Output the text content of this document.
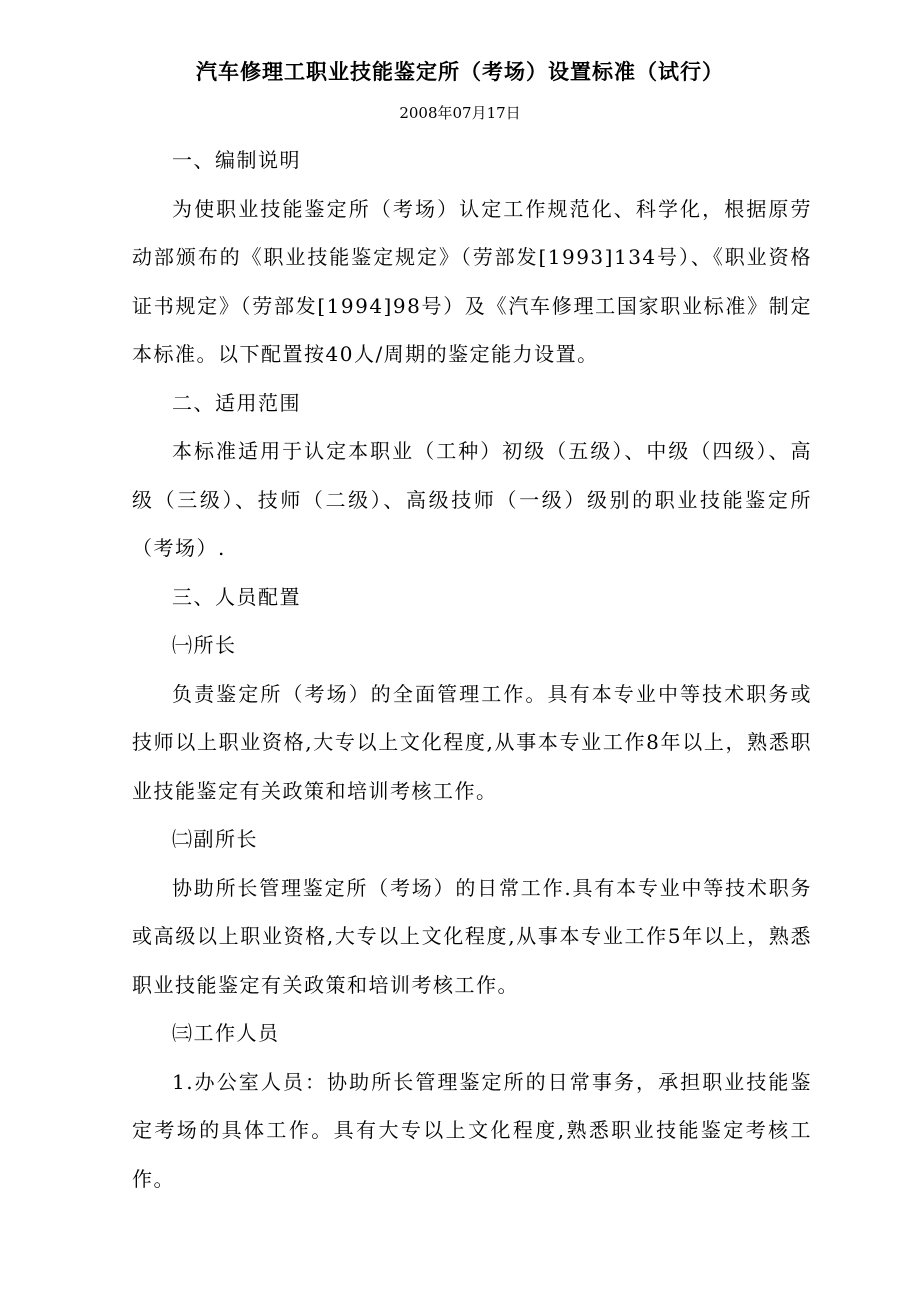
汽车修理工职业技能鉴定所（考场）设置标准（试行）
2008年07月17日

一、编制说明

为使职业技能鉴定所（考场）认定工作规范化、科学化，根据原劳动部颁布的《职业技能鉴定规定》（劳部发[1993]134号）、《职业资格证书规定》（劳部发[1994]98号）及《汽车修理工国家职业标准》制定本标准。以下配置按40人/周期的鉴定能力设置。

二、适用范围

本标准适用于认定本职业（工种）初级（五级）、中级（四级）、高级（三级）、技师（二级）、高级技师（一级）级别的职业技能鉴定所（考场）.

三、人员配置

㈠所长

负责鉴定所（考场）的全面管理工作。具有本专业中等技术职务或技师以上职业资格,大专以上文化程度,从事本专业工作8年以上，熟悉职业技能鉴定有关政策和培训考核工作。

㈡副所长

协助所长管理鉴定所（考场）的日常工作.具有本专业中等技术职务或高级以上职业资格,大专以上文化程度,从事本专业工作5年以上，熟悉职业技能鉴定有关政策和培训考核工作。

㈢工作人员

1.办公室人员：协助所长管理鉴定所的日常事务，承担职业技能鉴定考场的具体工作。具有大专以上文化程度,熟悉职业技能鉴定考核工作。
